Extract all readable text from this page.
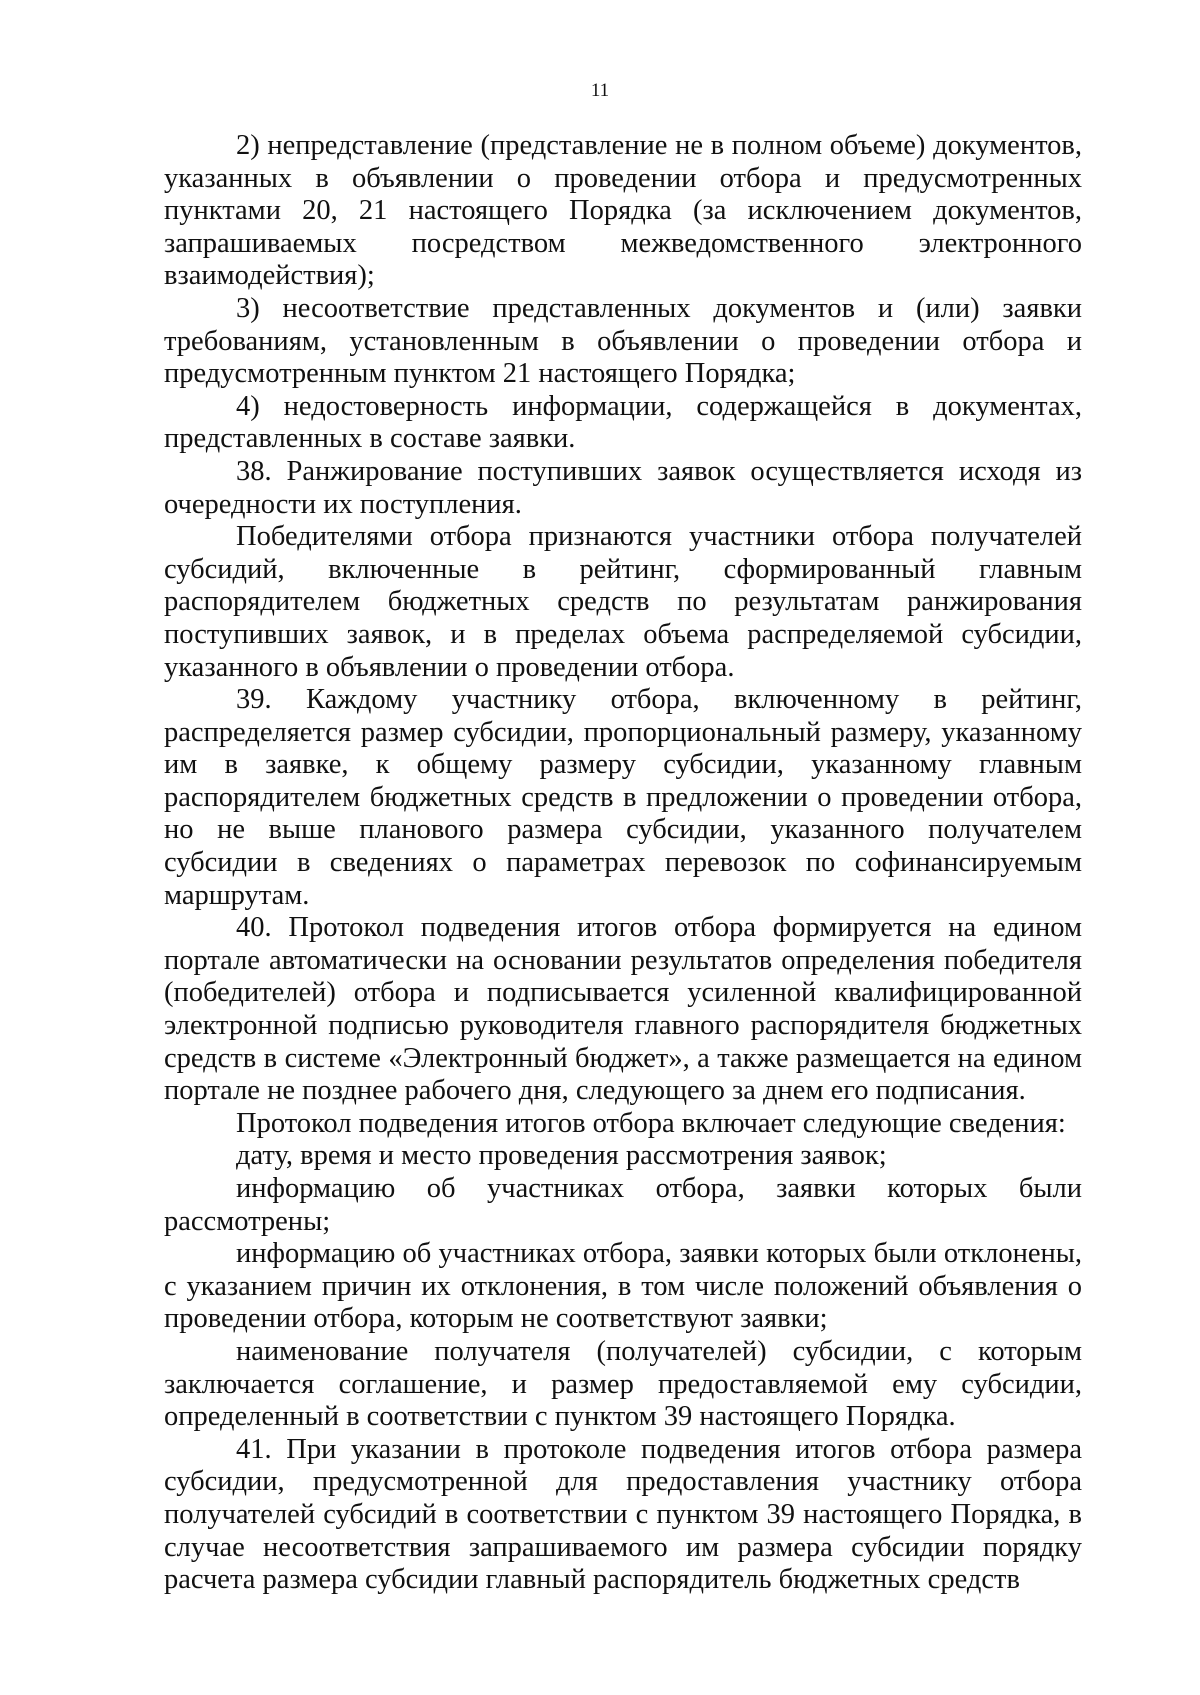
11

2) непредставление (представление не в полном объеме) документов, указанных в объявлении о проведении отбора и предусмотренных пунктами 20, 21 настоящего Порядка (за исключением документов, запрашиваемых посредством межведомственного электронного взаимодействия);

3) несоответствие представленных документов и (или) заявки требованиям, установленным в объявлении о проведении отбора и предусмотренным пунктом 21 настоящего Порядка;

4) недостоверность информации, содержащейся в документах, представленных в составе заявки.

38. Ранжирование поступивших заявок осуществляется исходя из очередности их поступления.

Победителями отбора признаются участники отбора получателей субсидий, включенные в рейтинг, сформированный главным распорядителем бюджетных средств по результатам ранжирования поступивших заявок, и в пределах объема распределяемой субсидии, указанного в объявлении о проведении отбора.

39. Каждому участнику отбора, включенному в рейтинг, распределяется размер субсидии, пропорциональный размеру, указанному им в заявке, к общему размеру субсидии, указанному главным распорядителем бюджетных средств в предложении о проведении отбора, но не выше планового размера субсидии, указанного получателем субсидии в сведениях о параметрах перевозок по софинансируемым маршрутам.

40. Протокол подведения итогов отбора формируется на едином портале автоматически на основании результатов определения победителя (победителей) отбора и подписывается усиленной квалифицированной электронной подписью руководителя главного распорядителя бюджетных средств в системе «Электронный бюджет», а также размещается на едином портале не позднее рабочего дня, следующего за днем его подписания.

Протокол подведения итогов отбора включает следующие сведения:

дату, время и место проведения рассмотрения заявок;

информацию об участниках отбора, заявки которых были рассмотрены;

информацию об участниках отбора, заявки которых были отклонены, с указанием причин их отклонения, в том числе положений объявления о проведении отбора, которым не соответствуют заявки;

наименование получателя (получателей) субсидии, с которым заключается соглашение, и размер предоставляемой ему субсидии, определенный в соответствии с пунктом 39 настоящего Порядка.

41. При указании в протоколе подведения итогов отбора размера субсидии, предусмотренной для предоставления участнику отбора получателей субсидий в соответствии с пунктом 39 настоящего Порядка, в случае несоответствия запрашиваемого им размера субсидии порядку расчета размера субсидии главный распорядитель бюджетных средств
